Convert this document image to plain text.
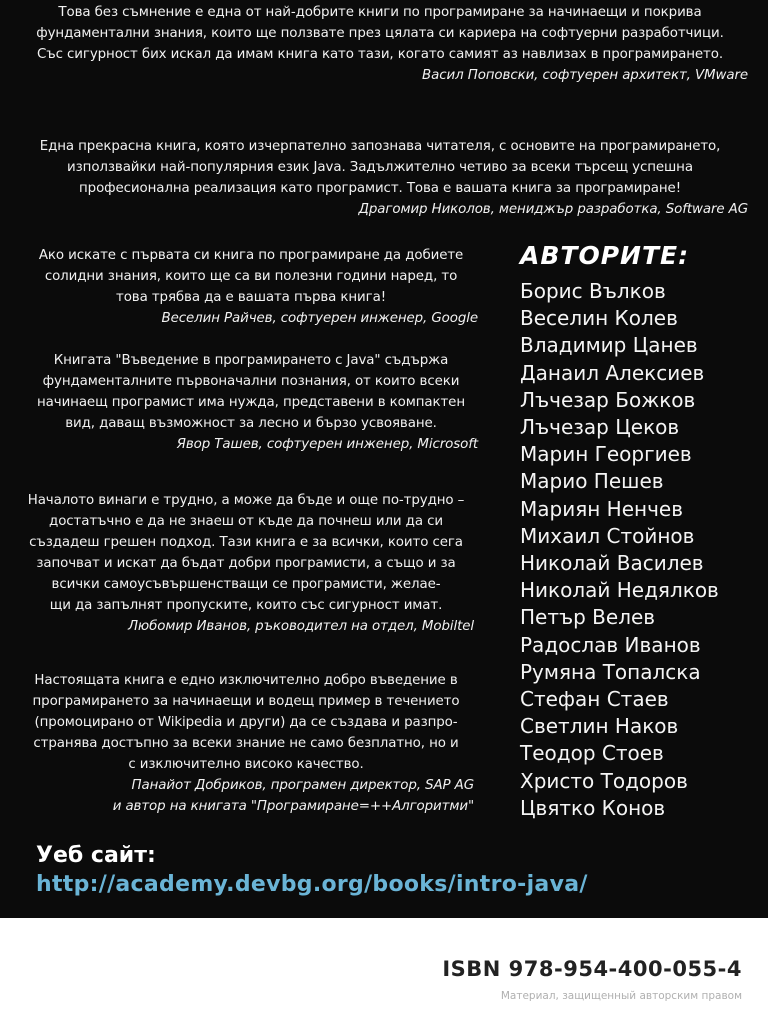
Това без съмнение е една от най-добрите книги по програмиране за начинаещи и покрива
фундаментални знания, които ще ползвате през цялата си кариера на софтуерни разработчици.
Със сигурност бих искал да имам книга като тази, когато самият аз навлизах в програмирането.
Васил Поповски, софтуерен архитект, VMware
Една прекрасна книга, която изчерпателно запознава читателя, с основите на програмирането,
използвайки най-популярния език Java. Задължително четиво за всеки търсещ успешна
професионална реализация като програмист. Това е вашата книга за програмиране!
Драгомир Николов, мениджър разработка, Software AG
Ако искате с първата си книга по програмиране да добиете
солидни знания, които ще са ви полезни години наред, то
това трябва да е вашата първа книга!
Веселин Райчев, софтуерен инженер, Google
Книгата "Въведение в програмирането с Java" съдържа
фундаменталните първоначални познания, от които всеки
начинаещ програмист има нужда, представени в компактен
вид, даващ възможност за лесно и бързо усвояване.
Явор Ташев, софтуерен инженер, Microsoft
Началото винаги е трудно, а може да бъде и още по-трудно –
достатъчно е да не знаеш от къде да почнеш или да си
създадеш грешен подход. Тази книга е за всички, които сега
започват и искат да бъдат добри програмисти, а също и за
всички самоусъвършенстващи се програмисти, желае-
щи да запълнят пропуските, които със сигурност имат.
Любомир Иванов, ръководител на отдел, Mobiltel
Настоящата книга е едно изключително добро въведение в
програмирането за начинаещи и водещ пример в течението
(промоцирано от Wikipedia и други) да се създава и разпро-
странява достъпно за всеки знание не само безплатно, но и
с изключително високо качество.
Панайот Добриков, програмен директор, SAP AG
и автор на книгата "Програмиране=++Алгоритми"
АВТОРИТЕ:
Борис Вълков
Веселин Колев
Владимир Цанев
Данаил Алексиев
Лъчезар Божков
Лъчезар Цеков
Марин Георгиев
Марио Пешев
Мариян Ненчев
Михаил Стойнов
Николай Василев
Николай Недялков
Петър Велев
Радослав Иванов
Румяна Топалска
Стефан Стаев
Светлин Наков
Теодор Стоев
Христо Тодоров
Цвятко Конов
Уеб сайт:
http://academy.devbg.org/books/intro-java/
ISBN 978-954-400-055-4
Материал, защищенный авторским правом
